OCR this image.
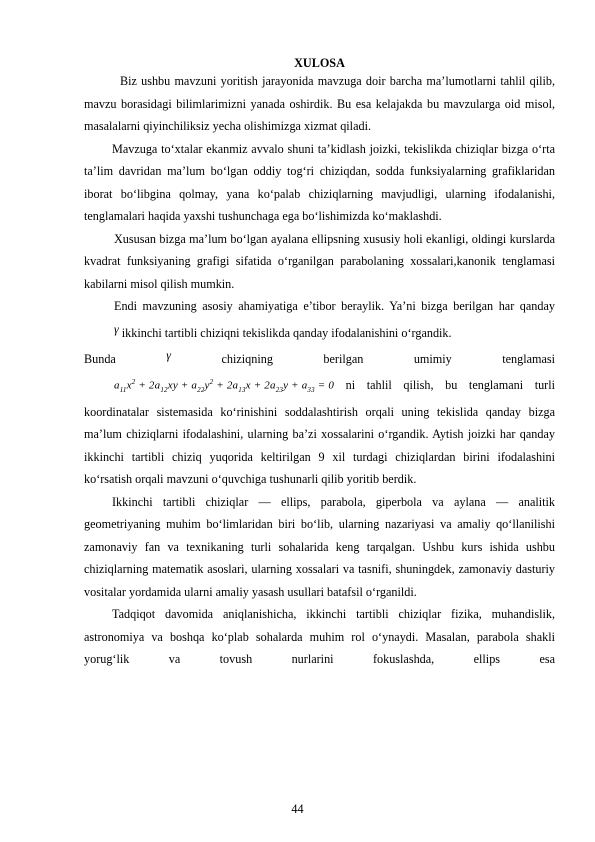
XULOSA

Biz ushbu mavzuni yoritish jarayonida mavzuga doir barcha ma’lumotlarni tahlil qilib, mavzu borasidagi bilimlarimizni yanada oshirdik. Bu esa kelajakda bu mavzularga oid misol, masalalarni qiyinchiliksiz yecha olishimizga xizmat qiladi.

Mavzuga to‘xtalar ekanmiz avvalo shuni ta’kidlash joizki, tekislikda chiziqlar bizga o‘rta ta’lim davridan ma’lum bo‘lgan oddiy tog‘ri chiziqdan, sodda funksiyalarning grafiklaridan iborat bo‘libgina qolmay, yana ko‘palab chiziqlarning mavjudligi, ularning ifodalanishi, tenglamalari haqida yaxshi tushunchaga ega bo‘lishimizda ko‘maklashdi.

Xususan bizga ma’lum bo‘lgan ayalana ellipsning xususiy holi ekanligi, oldingi kurslarda kvadrat funksiyaning grafigi sifatida o‘rganilgan parabolaning xossalari,kanonik tenglamasi kabilarni misol qilish mumkin.

Endi mavzuning asosiy ahamiyatiga e’tibor beraylik. Ya’ni bizga berilgan har qanday γ ikkinchi tartibli chiziqni tekislikda qanday ifodalanishini o‘rgandik.
Bunda	γ	chiziqning	berilgan	umimiy	tenglamasi
$a_{11}x^2 + 2a_{12}xy + a_{22}y^2 + 2a_{13}x + 2a_{23}y + a_{33} = 0$ ni tahlil qilish, bu tenglamani turli koordinatalar sistemasida ko‘rinishini soddalashtirish orqali uning tekislida qanday bizga ma’lum chiziqlarni ifodalashini, ularning ba’zi xossalarini o‘rgandik. Aytish joizki har qanday ikkinchi tartibli chiziq yuqorida keltirilgan 9 xil turdagi chiziqlardan birini ifodalashini ko‘rsatish orqali mavzuni o‘quvchiga tushunarli qilib yoritib berdik.

Ikkinchi tartibli chiziqlar — ellips, parabola, giperbola va aylana — analitik geometriyaning muhim bo‘limlaridan biri bo‘lib, ularning nazariyasi va amaliy qo‘llanilishi zamonaviy fan va texnikaning turli sohalarida keng tarqalgan. Ushbu kurs ishida ushbu chiziqlarning matematik asoslari, ularning xossalari va tasnifi, shuningdek, zamonaviy dasturiy vositalar yordamida ularni amaliy yasash usullari batafsil o‘rganildi.

Tadqiqot davomida aniqlanishicha, ikkinchi tartibli chiziqlar fizika, muhandislik, astronomiya va boshqa ko‘plab sohalarda muhim rol o‘ynaydi. Masalan, parabola shakli yorug‘lik va tovush nurlarini fokuslashda, ellips esa

44
